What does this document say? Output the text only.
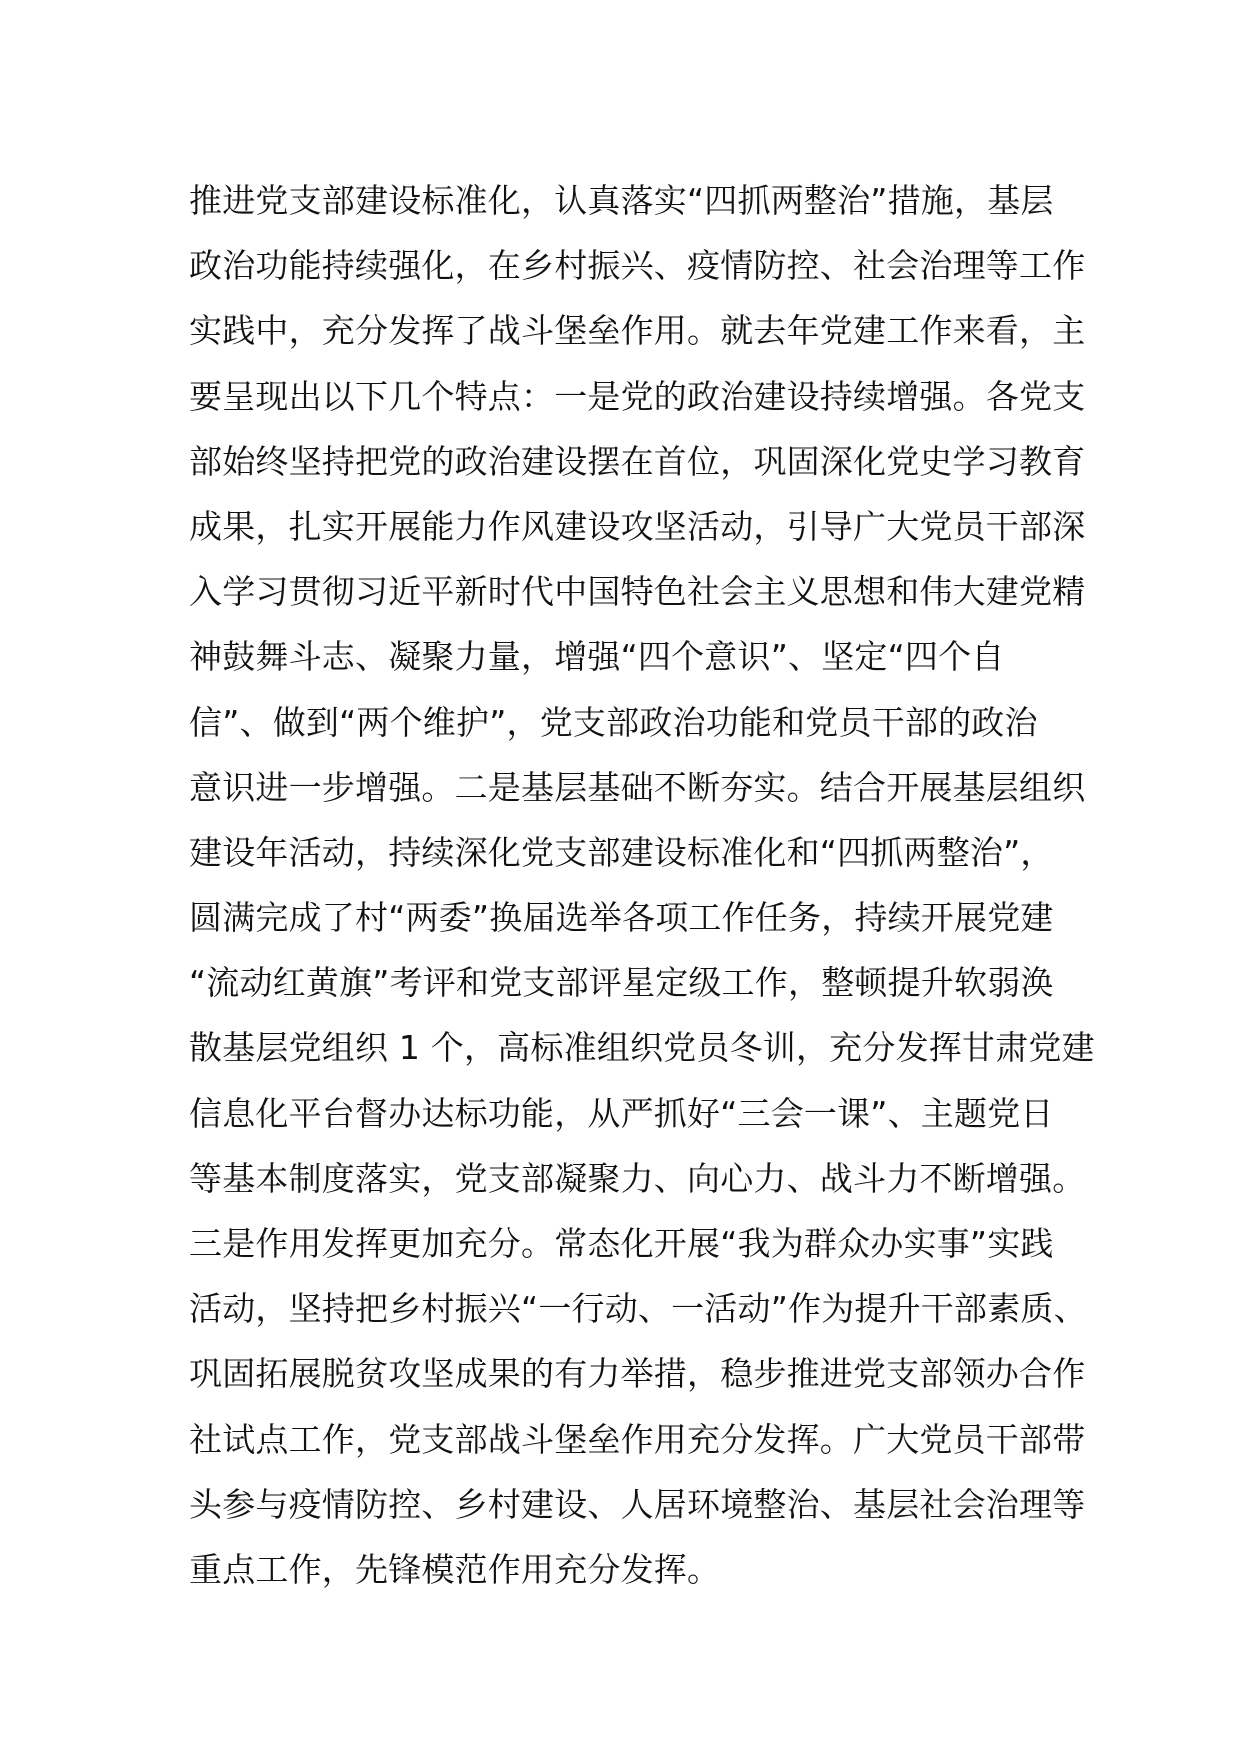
推进党支部建设标准化，认真落实“四抓两整治”措施，基层
政治功能持续强化，在乡村振兴、疫情防控、社会治理等工作
实践中，充分发挥了战斗堡垒作用。就去年党建工作来看，主
要呈现出以下几个特点：一是党的政治建设持续增强。各党支
部始终坚持把党的政治建设摆在首位，巩固深化党史学习教育
成果，扎实开展能力作风建设攻坚活动，引导广大党员干部深
入学习贯彻习近平新时代中国特色社会主义思想和伟大建党精
神鼓舞斗志、凝聚力量，增强“四个意识”、坚定“四个自
信”、做到“两个维护”，党支部政治功能和党员干部的政治
意识进一步增强。二是基层基础不断夯实。结合开展基层组织
建设年活动，持续深化党支部建设标准化和“四抓两整治”，
圆满完成了村“两委”换届选举各项工作任务，持续开展党建
“流动红黄旗”考评和党支部评星定级工作，整顿提升软弱涣
散基层党组织 1 个，高标准组织党员冬训，充分发挥甘肃党建
信息化平台督办达标功能，从严抓好“三会一课”、主题党日
等基本制度落实，党支部凝聚力、向心力、战斗力不断增强。
三是作用发挥更加充分。常态化开展“我为群众办实事”实践
活动，坚持把乡村振兴“一行动、一活动”作为提升干部素质、
巩固拓展脱贫攻坚成果的有力举措，稳步推进党支部领办合作
社试点工作，党支部战斗堡垒作用充分发挥。广大党员干部带
头参与疫情防控、乡村建设、人居环境整治、基层社会治理等
重点工作，先锋模范作用充分发挥。
